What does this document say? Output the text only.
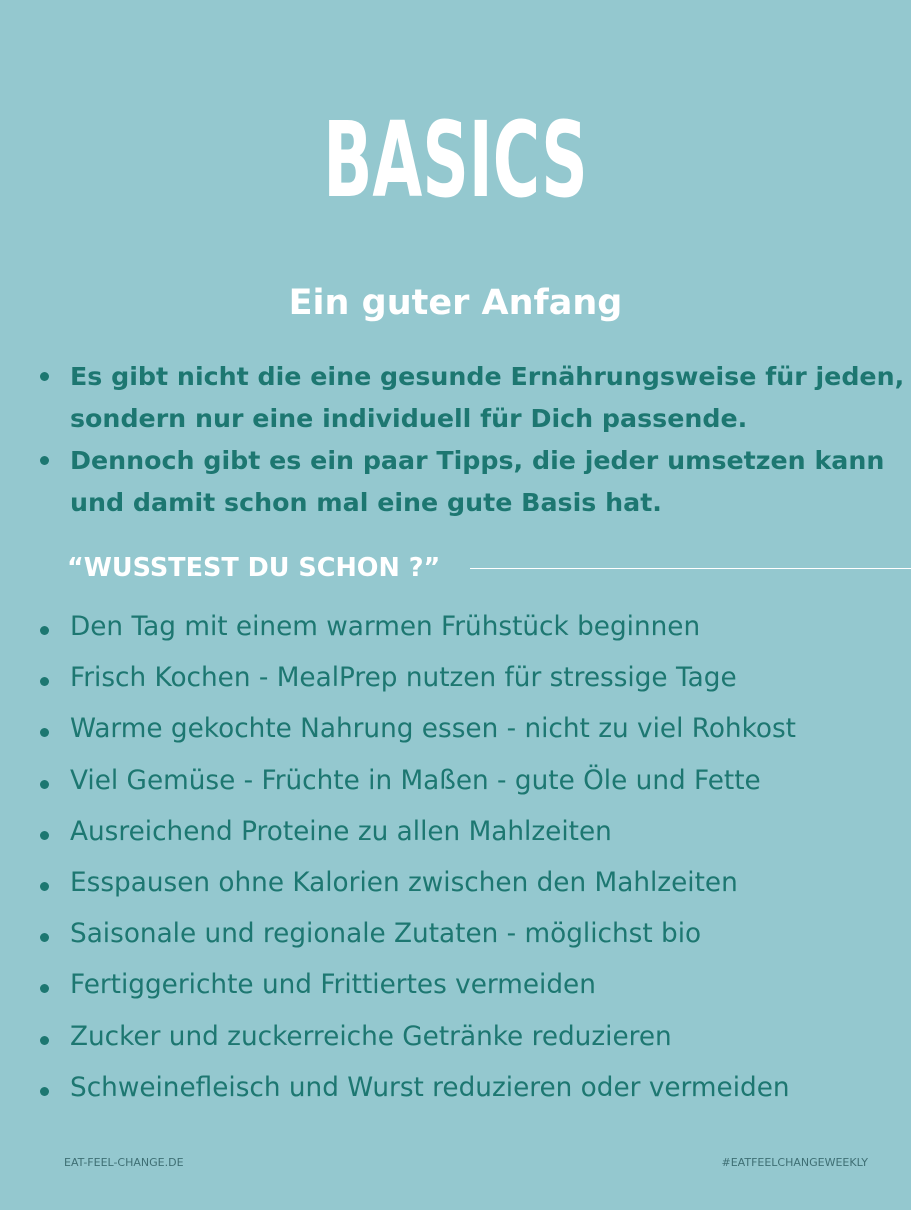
BASICS
Ein guter Anfang
Es gibt nicht die eine gesunde Ernährungsweise für jeden,
sondern nur eine individuell für Dich passende.
Dennoch gibt es ein paar Tipps, die jeder umsetzen kann
und damit schon mal eine gute Basis hat.
“WUSSTEST DU SCHON ?”
Den Tag mit einem warmen Frühstück beginnen
Frisch Kochen - MealPrep nutzen für stressige Tage
Warme gekochte Nahrung essen - nicht zu viel Rohkost
Viel Gemüse - Früchte in Maßen - gute Öle und Fette
Ausreichend Proteine zu allen Mahlzeiten
Esspausen ohne Kalorien zwischen den Mahlzeiten
Saisonale und regionale Zutaten - möglichst bio
Fertiggerichte und Frittiertes vermeiden
Zucker und zuckerreiche Getränke reduzieren
Schweinefleisch und Wurst reduzieren oder vermeiden
EAT-FEEL-CHANGE.DE	#EATFEELCHANGEWEEKLY
